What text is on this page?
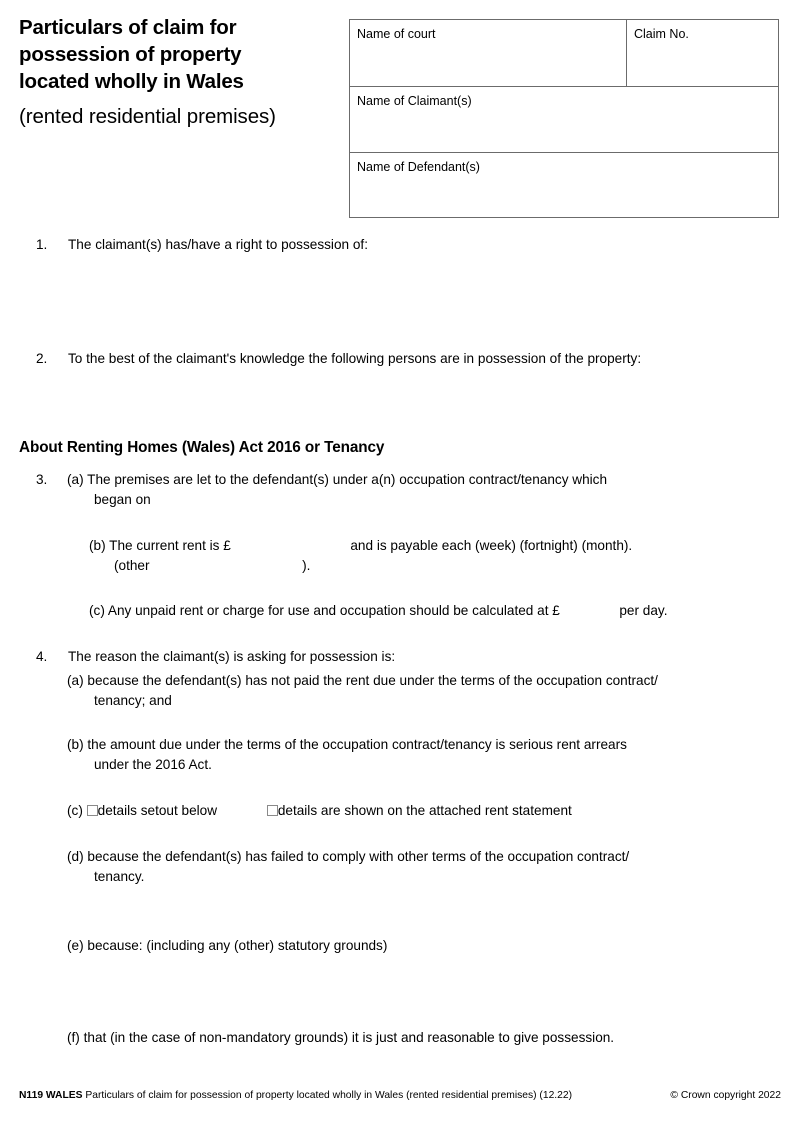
Particulars of claim for
possession of property
located wholly in Wales
(rented residential premises)
Name of court	Claim No.
Name of Claimant(s)
Name of Defendant(s)
1. The claimant(s) has/have a right to possession of:
2. To the best of the claimant's knowledge the following persons are in possession of the property:
About Renting Homes (Wales) Act 2016 or Tenancy
3. (a) The premises are let to the defendant(s) under a(n) occupation contract/tenancy which
began on
(b) The current rent is £	and is payable each (week) (fortnight) (month).
(other	).
(c) Any unpaid rent or charge for use and occupation should be calculated at £	per day.
4. The reason the claimant(s) is asking for possession is:
(a) because the defendant(s) has not paid the rent due under the terms of the occupation contract/
tenancy; and
(b) the amount due under the terms of the occupation contract/tenancy is serious rent arrears
under the 2016 Act.
(c) details setout below	details are shown on the attached rent statement
(d) because the defendant(s) has failed to comply with other terms of the occupation contract/
tenancy.
(e) because: (including any (other) statutory grounds)
(f) that (in the case of non-mandatory grounds) it is just and reasonable to give possession.
N119 WALES Particulars of claim for possession of property located wholly in Wales (rented residential premises) (12.22)	© Crown copyright 2022
